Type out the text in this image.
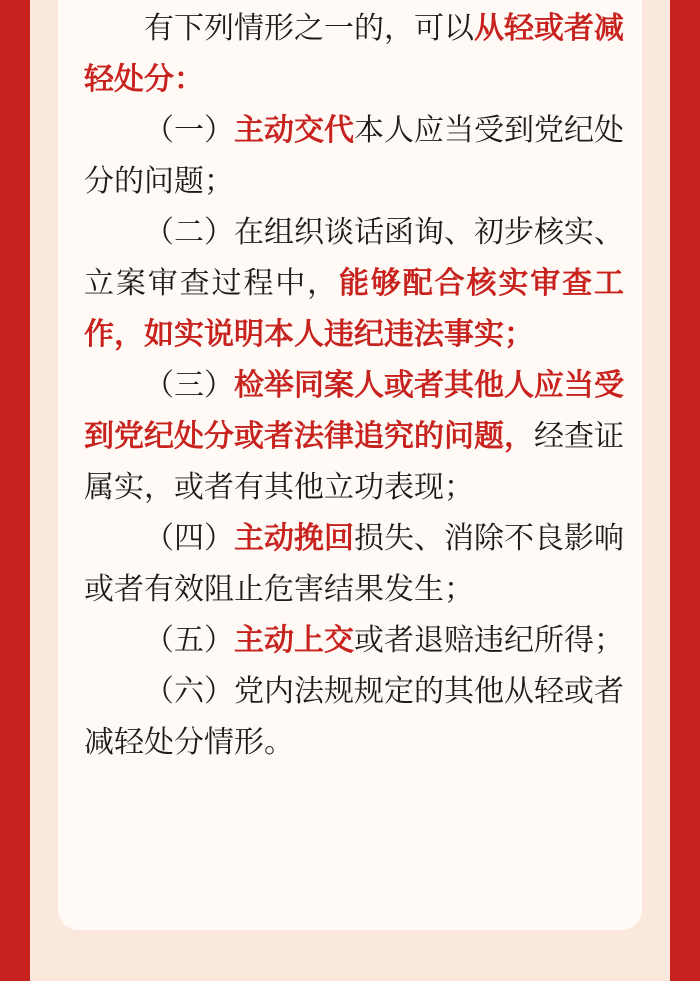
有下列情形之一的，可以从轻或者减轻处分：

（一）主动交代本人应当受到党纪处分的问题；

（二）在组织谈话函询、初步核实、立案审查过程中，能够配合核实审查工作，如实说明本人违纪违法事实；

（三）检举同案人或者其他人应当受到党纪处分或者法律追究的问题，经查证属实，或者有其他立功表现；

（四）主动挽回损失、消除不良影响或者有效阻止危害结果发生；

（五）主动上交或者退赔违纪所得；

（六）党内法规规定的其他从轻或者减轻处分情形。
